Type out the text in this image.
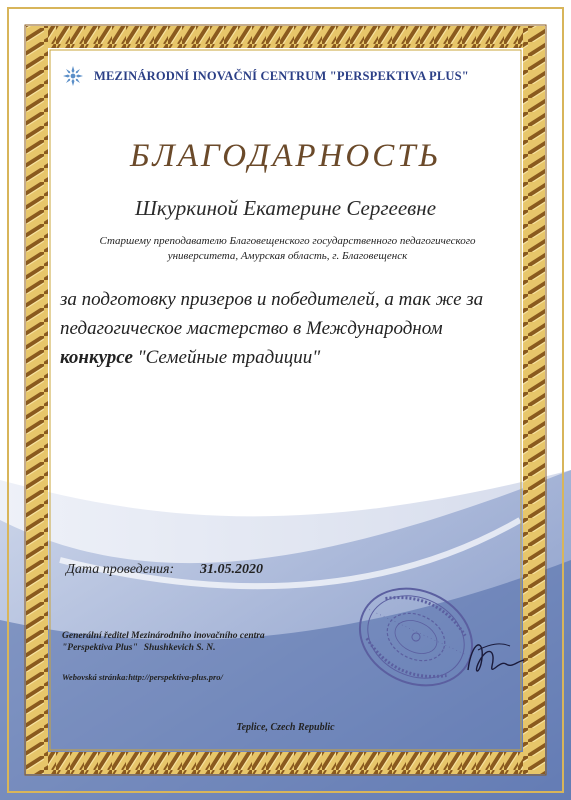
MEZINÁRODNÍ INOVAČNÍ CENTRUM "PERSPEKTIVA PLUS"
БЛАГОДАРНОСТЬ
Шкуркиной Екатерине Сергеевне
Старшему преподавателю Благовещенского государственного педагогического университета, Амурская область, г. Благовещенск
за подготовку призеров и победителей, а так же за педагогическое мастерство в Международном конкурсе "Семейные традиции"
Дата проведения: 31.05.2020
Generální ředitel Mezinárodního inovačního centra
"Perspektiva Plus" Shushkevich S. N.
Webovská stránka:http://perspektiva-plus.pro/
Teplice, Czech Republic
